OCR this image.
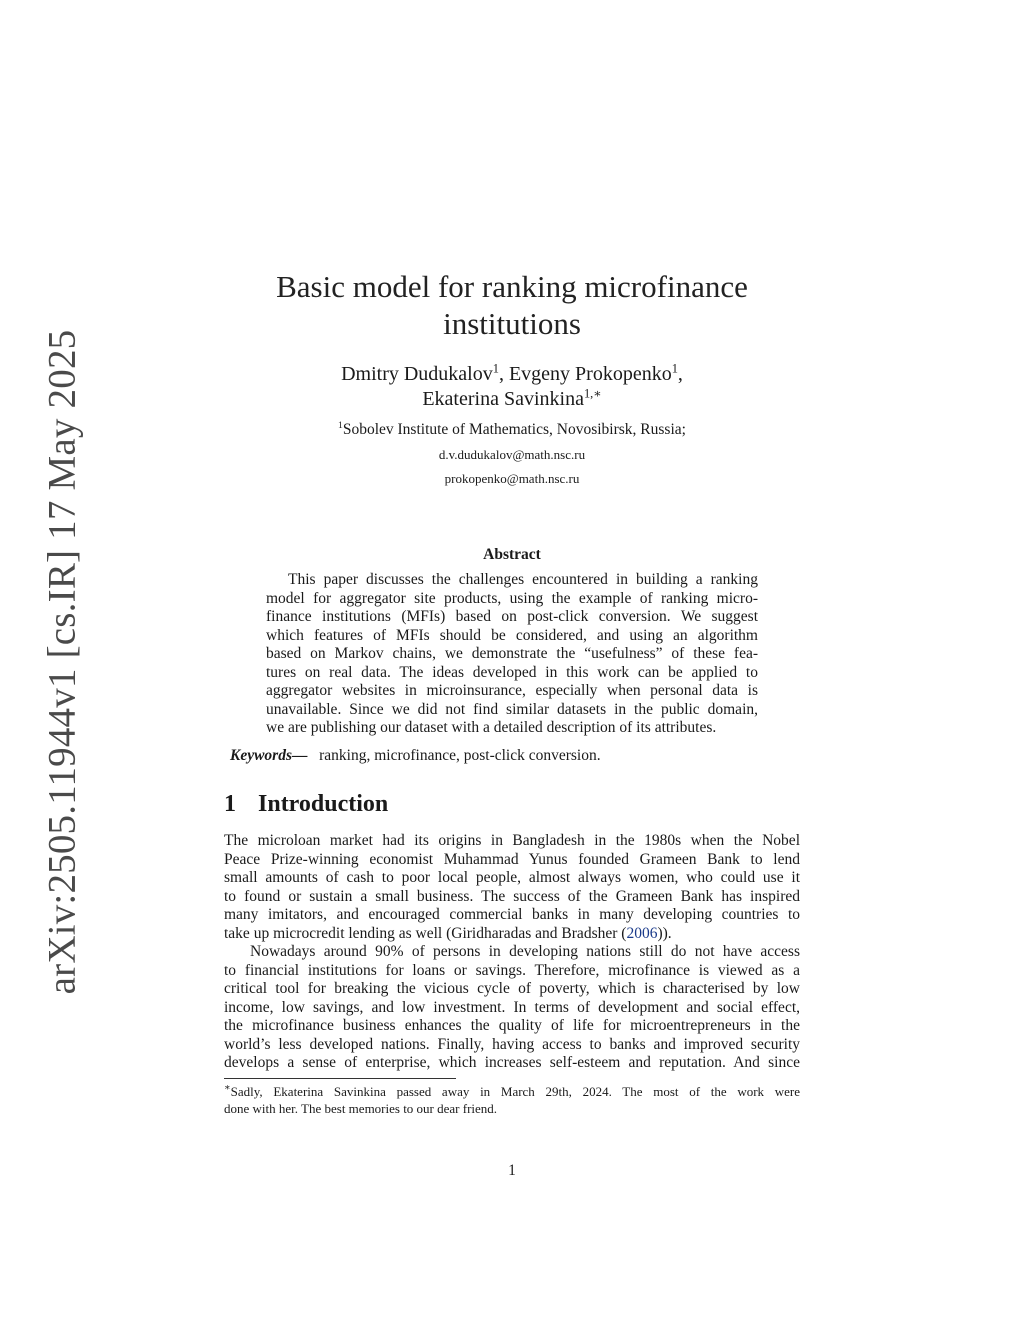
arXiv:2505.11944v1 [cs.IR] 17 May 2025
Basic model for ranking microfinance
institutions
Dmitry Dudukalov$^1$, Evgeny Prokopenko$^1$,
Ekaterina Savinkina$^{1,∗}$
$^1$Sobolev Institute of Mathematics, Novosibirsk, Russia;
d.v.dudukalov@math.nsc.ru
prokopenko@math.nsc.ru
Abstract
This paper discusses the challenges encountered in building a ranking
model for aggregator site products, using the example of ranking micro-
finance institutions (MFIs) based on post-click conversion. We suggest
which features of MFIs should be considered, and using an algorithm
based on Markov chains, we demonstrate the “usefulness” of these fea-
tures on real data. The ideas developed in this work can be applied to
aggregator websites in microinsurance, especially when personal data is
unavailable. Since we did not find similar datasets in the public domain,
we are publishing our dataset with a detailed description of its attributes.
Keywords— ranking, microfinance, post-click conversion.
1 Introduction
The microloan market had its origins in Bangladesh in the 1980s when the Nobel
Peace Prize-winning economist Muhammad Yunus founded Grameen Bank to lend
small amounts of cash to poor local people, almost always women, who could use it
to found or sustain a small business. The success of the Grameen Bank has inspired
many imitators, and encouraged commercial banks in many developing countries to
take up microcredit lending as well (Giridharadas and Bradsher (2006)).
Nowadays around 90% of persons in developing nations still do not have access
to financial institutions for loans or savings. Therefore, microfinance is viewed as a
critical tool for breaking the vicious cycle of poverty, which is characterised by low
income, low savings, and low investment. In terms of development and social effect,
the microfinance business enhances the quality of life for microentrepreneurs in the
world’s less developed nations. Finally, having access to banks and improved security
develops a sense of enterprise, which increases self-esteem and reputation. And since
∗Sadly, Ekaterina Savinkina passed away in March 29th, 2024. The most of the work were
done with her. The best memories to our dear friend.
1
